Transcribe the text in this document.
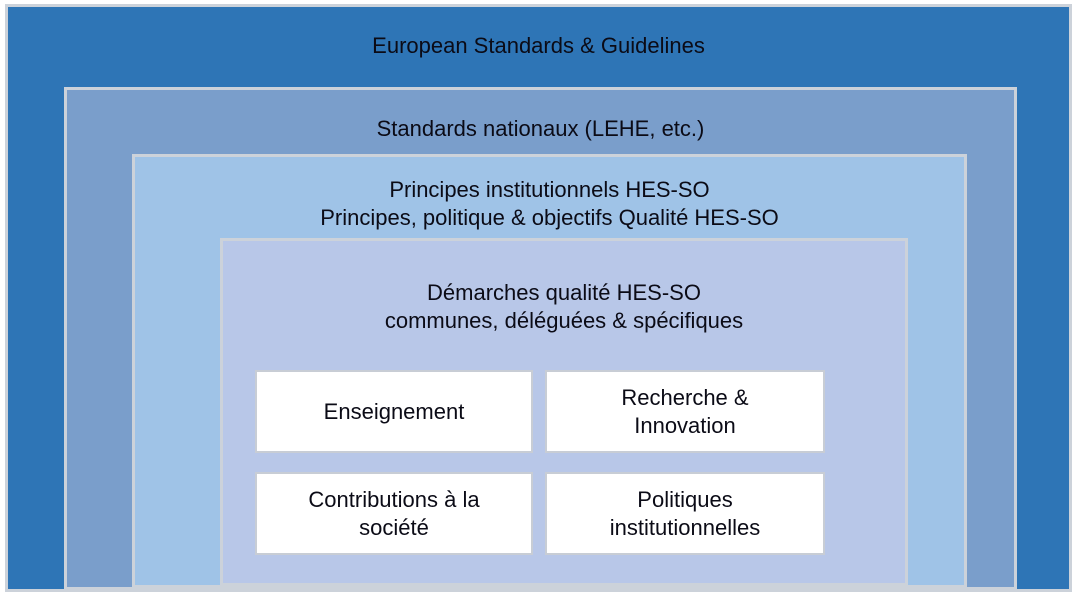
European Standards & Guidelines
Standards nationaux (LEHE, etc.)
Principes institutionnels HES-SO
Principes, politique & objectifs Qualité HES-SO
Démarches qualité HES-SO
communes, déléguées & spécifiques
Enseignement
Recherche &
Innovation
Contributions à la
société
Politiques
institutionnelles
